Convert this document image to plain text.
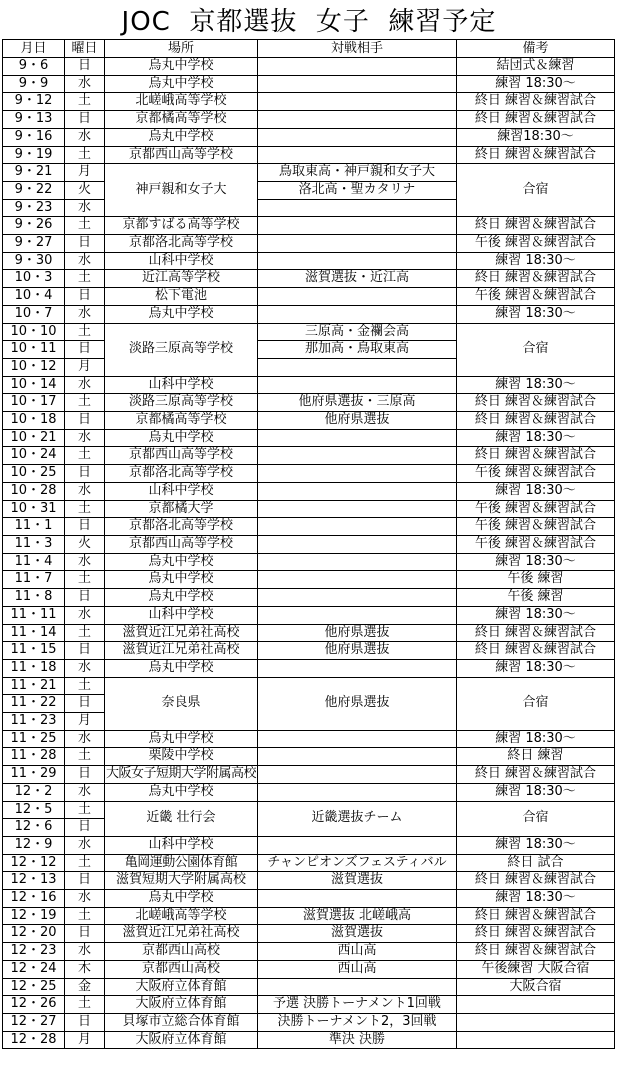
JOC  京都選抜  女子  練習予定
月日	曜日	場所	対戦相手	備考
9・6	日	烏丸中学校		結団式＆練習
9・9	水	烏丸中学校		練習 18:30～
9・12	土	北嵯峨高等学校		終日 練習＆練習試合
9・13	日	京都橘高等学校		終日 練習＆練習試合
9・16	水	烏丸中学校		練習18:30～
9・19	土	京都西山高等学校		終日 練習＆練習試合
9・21	月	神戸親和女子大	鳥取東高・神戸親和女子大	合宿
9・22	火		洛北高・聖カタリナ	
9・23	水			
9・26	土	京都すばる高等学校		終日 練習＆練習試合
9・27	日	京都洛北高等学校		午後 練習＆練習試合
9・30	水	山科中学校		練習 18:30～
10・3	土	近江高等学校	滋賀選抜・近江高	終日 練習＆練習試合
10・4	日	松下電池		午後 練習＆練習試合
10・7	水	烏丸中学校		練習 18:30～
10・10	土	淡路三原高等学校	三原高・金襴会高	合宿
10・11	日		那加高・鳥取東高	
10・12	月			
10・14	水	山科中学校		練習 18:30～
10・17	土	淡路三原高等学校	他府県選抜・三原高	終日 練習＆練習試合
10・18	日	京都橘高等学校	他府県選抜	終日 練習＆練習試合
10・21	水	烏丸中学校		練習 18:30～
10・24	土	京都西山高等学校		終日 練習＆練習試合
10・25	日	京都洛北高等学校		午後 練習＆練習試合
10・28	水	山科中学校		練習 18:30～
10・31	土	京都橘大学		午後 練習＆練習試合
11・1	日	京都洛北高等学校		午後 練習＆練習試合
11・3	火	京都西山高等学校		午後 練習＆練習試合
11・4	水	烏丸中学校		練習 18:30～
11・7	土	烏丸中学校		午後 練習
11・8	日	烏丸中学校		午後 練習
11・11	水	山科中学校		練習 18:30～
11・14	土	滋賀近江兄弟社高校	他府県選抜	終日 練習＆練習試合
11・15	日	滋賀近江兄弟社高校	他府県選抜	終日 練習＆練習試合
11・18	水	烏丸中学校		練習 18:30～
11・21	土	奈良県	他府県選抜	合宿
11・22	日			
11・23	月			
11・25	水	烏丸中学校		練習 18:30～
11・28	土	栗陵中学校		終日 練習
11・29	日	大阪女子短期大学附属高校		終日 練習＆練習試合
12・2	水	烏丸中学校		練習 18:30～
12・5	土	近畿 壮行会	近畿選抜チーム	合宿
12・6	日			
12・9	水	山科中学校		練習 18:30～
12・12	土	亀岡運動公園体育館	チャンピオンズフェスティバル	終日 試合
12・13	日	滋賀短期大学附属高校	滋賀選抜	終日 練習＆練習試合
12・16	水	烏丸中学校		練習 18:30～
12・19	土	北嵯峨高等学校	滋賀選抜 北嵯峨高	終日 練習＆練習試合
12・20	日	滋賀近江兄弟社高校	滋賀選抜	終日 練習＆練習試合
12・23	水	京都西山高校	西山高	終日 練習＆練習試合
12・24	木	京都西山高校	西山高	午後練習 大阪合宿
12・25	金	大阪府立体育館		大阪合宿
12・26	土	大阪府立体育館	予選 決勝トーナメント1回戦	
12・27	日	貝塚市立総合体育館	決勝トーナメント2，3回戦	
12・28	月	大阪府立体育館	準決 決勝	
